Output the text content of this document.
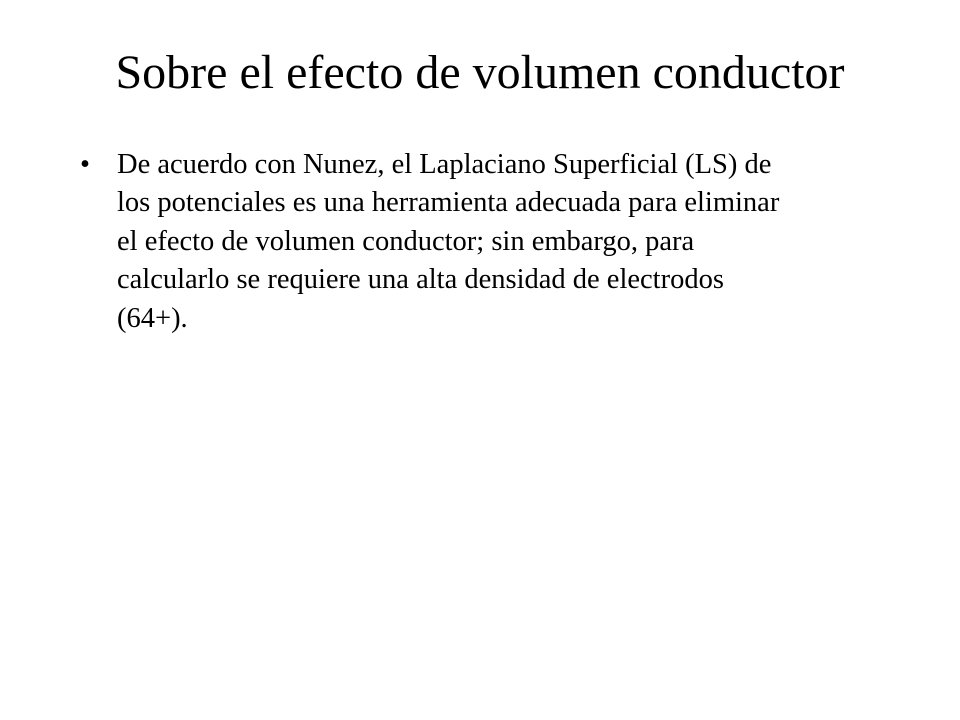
Sobre el efecto de volumen conductor
• De acuerdo con Nunez, el Laplaciano Superficial (LS) de
los potenciales es una herramienta adecuada para eliminar
el efecto de volumen conductor; sin embargo, para
calcularlo se requiere una alta densidad de electrodos
(64+).
